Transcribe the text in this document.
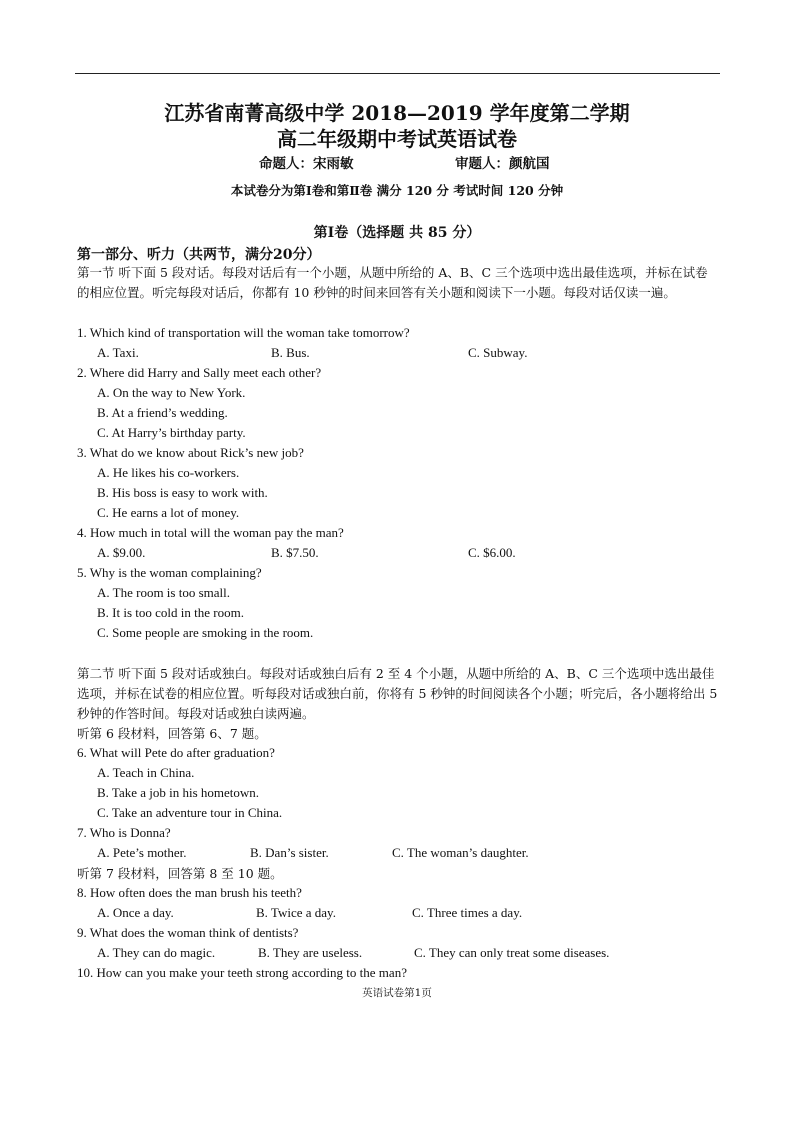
江苏省南菁高级中学 2018—2019 学年度第二学期
高二年级期中考试英语试卷
命题人：宋雨敏	审题人：颜航国
本试卷分为第Ⅰ卷和第Ⅱ卷 满分 120 分 考试时间 120 分钟
第Ⅰ卷（选择题 共 85 分）
第一部分、听力（共两节，满分20分）
第一节 听下面 5 段对话。每段对话后有一个小题，从题中所给的 A、B、C 三个选项中选出最佳选项，并标在试卷的相应位置。听完每段对话后，你都有 10 秒钟的时间来回答有关小题和阅读下一小题。每段对话仅读一遍。
1. Which kind of transportation will the woman take tomorrow?
A. Taxi.	B. Bus.	C. Subway.
2. Where did Harry and Sally meet each other?
A. On the way to New York.
B. At a friend’s wedding.
C. At Harry’s birthday party.
3. What do we know about Rick’s new job?
A. He likes his co-workers.
B. His boss is easy to work with.
C. He earns a lot of money.
4. How much in total will the woman pay the man?
A. $9.00.	B. $7.50.	C. $6.00.
5. Why is the woman complaining?
A. The room is too small.
B. It is too cold in the room.
C. Some people are smoking in the room.
第二节 听下面 5 段对话或独白。每段对话或独白后有 2 至 4 个小题，从题中所给的 A、B、C 三个选项中选出最佳选项，并标在试卷的相应位置。听每段对话或独白前，你将有 5 秒钟的时间阅读各个小题；听完后，各小题将给出 5 秒钟的作答时间。每段对话或独白读两遍。
听第 6 段材料，回答第 6、7 题。
6. What will Pete do after graduation?
A. Teach in China.
B. Take a job in his hometown.
C. Take an adventure tour in China.
7. Who is Donna?
A. Pete’s mother.	B. Dan’s sister.	C. The woman’s daughter.
听第 7 段材料，回答第 8 至 10 题。
8. How often does the man brush his teeth?
A. Once a day.	B. Twice a day.	C. Three times a day.
9. What does the woman think of dentists?
A. They can do magic.	B. They are useless.	C. They can only treat some diseases.
10. How can you make your teeth strong according to the man?
英语试卷第1页
